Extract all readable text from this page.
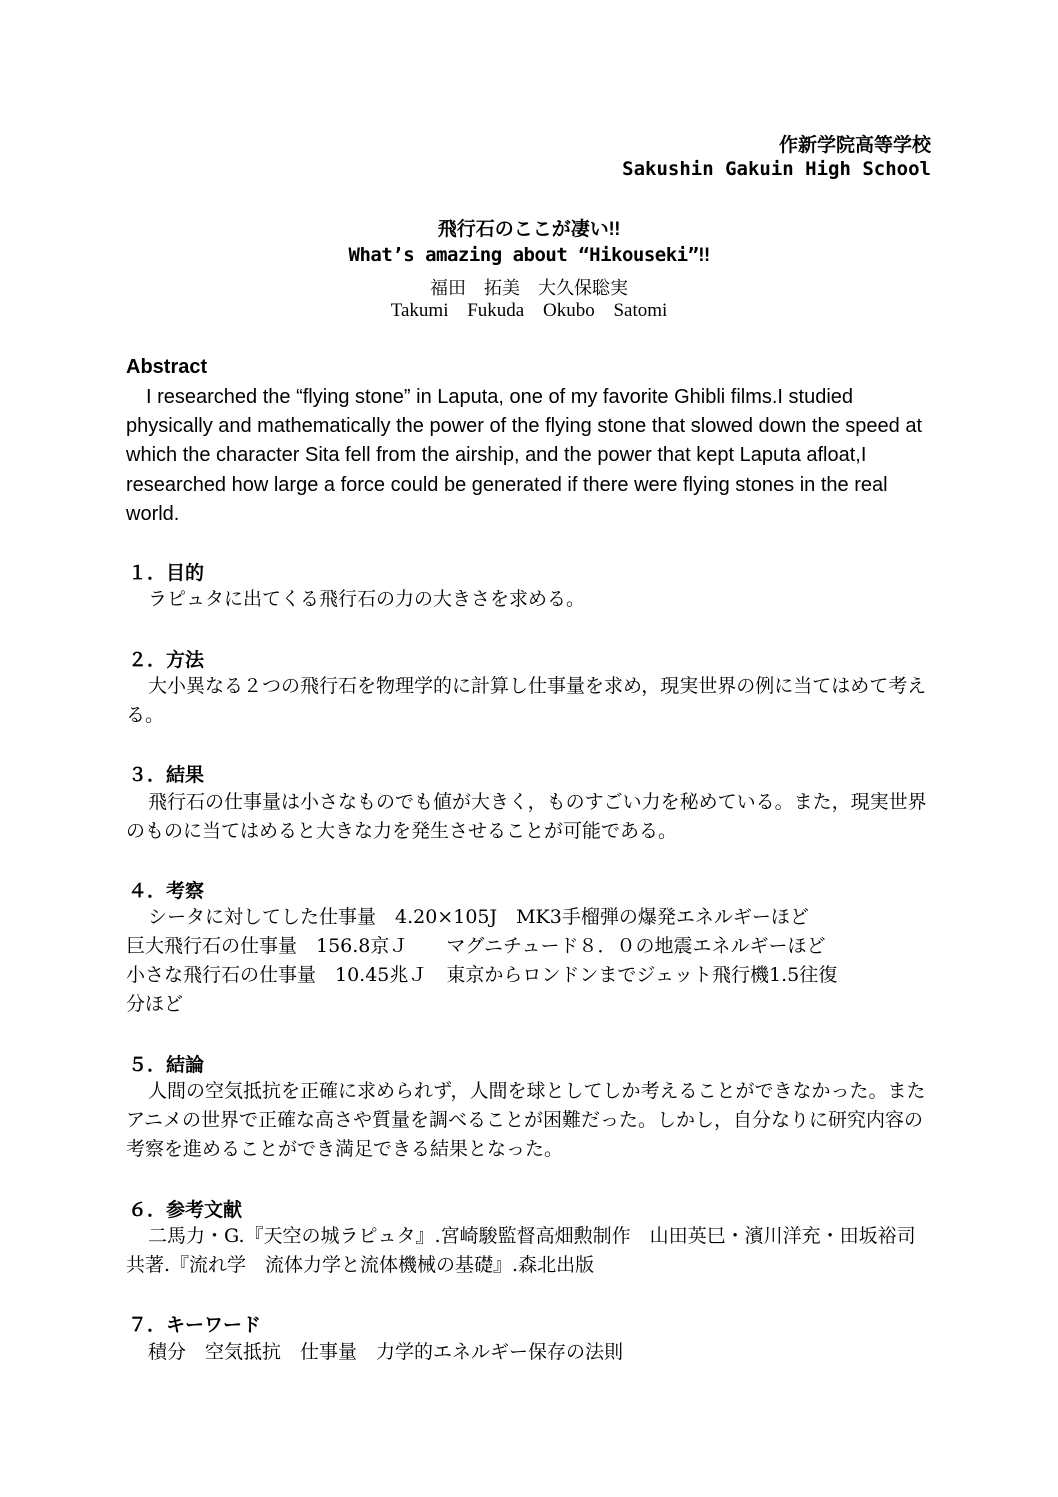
作新学院高等学校
Sakushin Gakuin High School
飛行石のここが凄い‼
What’s amazing about “Hikouseki”‼
福田　拓美　大久保聡実
Takumi Fukuda Okubo Satomi
Abstract
I researched the “flying stone” in Laputa, one of my favorite Ghibli films.I studied physically and mathematically the power of the flying stone that slowed down the speed at which the character Sita fell from the airship, and the power that kept Laputa afloat,I researched how large a force could be generated if there were flying stones in the real world.
１．目的
ラピュタに出てくる飛行石の力の大きさを求める。
２．方法
大小異なる２つの飛行石を物理学的に計算し仕事量を求め，現実世界の例に当てはめて考える。
３．結果
飛行石の仕事量は小さなものでも値が大きく，ものすごい力を秘めている。また，現実世界のものに当てはめると大きな力を発生させることが可能である。
４．考察
シータに対してした仕事量　4.20×105J　MK3手榴弾の爆発エネルギーほど
巨大飛行石の仕事量　156.8京Ｊ　　マグニチュード８．０の地震エネルギーほど
小さな飛行石の仕事量　10.45兆Ｊ　東京からロンドンまでジェット飛行機1.5往復
分ほど
５．結論
人間の空気抵抗を正確に求められず，人間を球としてしか考えることができなかった。またアニメの世界で正確な高さや質量を調べることが困難だった。しかし，自分なりに研究内容の考察を進めることができ満足できる結果となった。
６．参考文献
二馬力・G.『天空の城ラピュタ』.宮崎駿監督高畑勲制作　山田英巳・濱川洋充・田坂裕司共著.『流れ学　流体力学と流体機械の基礎』.森北出版
７．キーワード
積分　空気抵抗　仕事量　力学的エネルギー保存の法則
